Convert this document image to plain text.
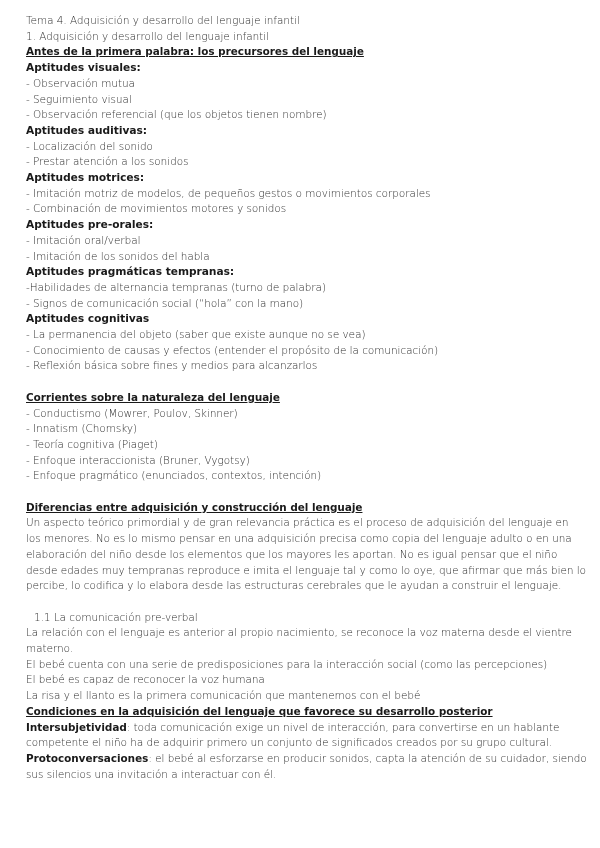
Tema 4. Adquisición y desarrollo del lenguaje infantil
1. Adquisición y desarrollo del lenguaje infantil
Antes de la primera palabra: los precursores del lenguaje
Aptitudes visuales:
- Observación mutua
- Seguimiento visual
- Observación referencial (que los objetos tienen nombre)
Aptitudes auditivas:
- Localización del sonido
- Prestar atención a los sonidos
Aptitudes motrices:
- Imitación motriz de modelos, de pequeños gestos o movimientos corporales
- Combinación de movimientos motores y sonidos
Aptitudes pre-orales:
- Imitación oral/verbal
- Imitación de los sonidos del habla
Aptitudes pragmáticas tempranas:
-Habilidades de alternancia tempranas (turno de palabra)
- Signos de comunicación social (“hola” con la mano)
Aptitudes cognitivas
- La permanencia del objeto (saber que existe aunque no se vea)
- Conocimiento de causas y efectos (entender el propósito de la comunicación)
- Reflexión básica sobre fines y medios para alcanzarlos
Corrientes sobre la naturaleza del lenguaje
- Conductismo (Mowrer, Poulov, Skinner)
- Innatism (Chomsky)
- Teoría cognitiva (Piaget)
- Enfoque interaccionista (Bruner, Vygotsy)
- Enfoque pragmático (enunciados, contextos, intención)
Diferencias entre adquisición y construcción del lenguaje
Un aspecto teórico primordial y de gran relevancia práctica es el proceso de adquisición del lenguaje en
los menores. No es lo mismo pensar en una adquisición precisa como copia del lenguaje adulto o en una
elaboración del niño desde los elementos que los mayores les aportan. No es igual pensar que el niño
desde edades muy tempranas reproduce e imita el lenguaje tal y como lo oye, que afirmar que más bien lo
percibe, lo codifica y lo elabora desde las estructuras cerebrales que le ayudan a construir el lenguaje.
1.1 La comunicación pre-verbal
La relación con el lenguaje es anterior al propio nacimiento, se reconoce la voz materna desde el vientre
materno.
El bebé cuenta con una serie de predisposiciones para la interacción social (como las percepciones)
El bebé es capaz de reconocer la voz humana
La risa y el llanto es la primera comunicación que mantenemos con el bebé
Condiciones en la adquisición del lenguaje que favorece su desarrollo posterior
Intersubjetividad: toda comunicación exige un nivel de interacción, para convertirse en un hablante
competente el niño ha de adquirir primero un conjunto de significados creados por su grupo cultural.
Protoconversaciones: el bebé al esforzarse en producir sonidos, capta la atención de su cuidador, siendo
sus silencios una invitación a interactuar con él.
